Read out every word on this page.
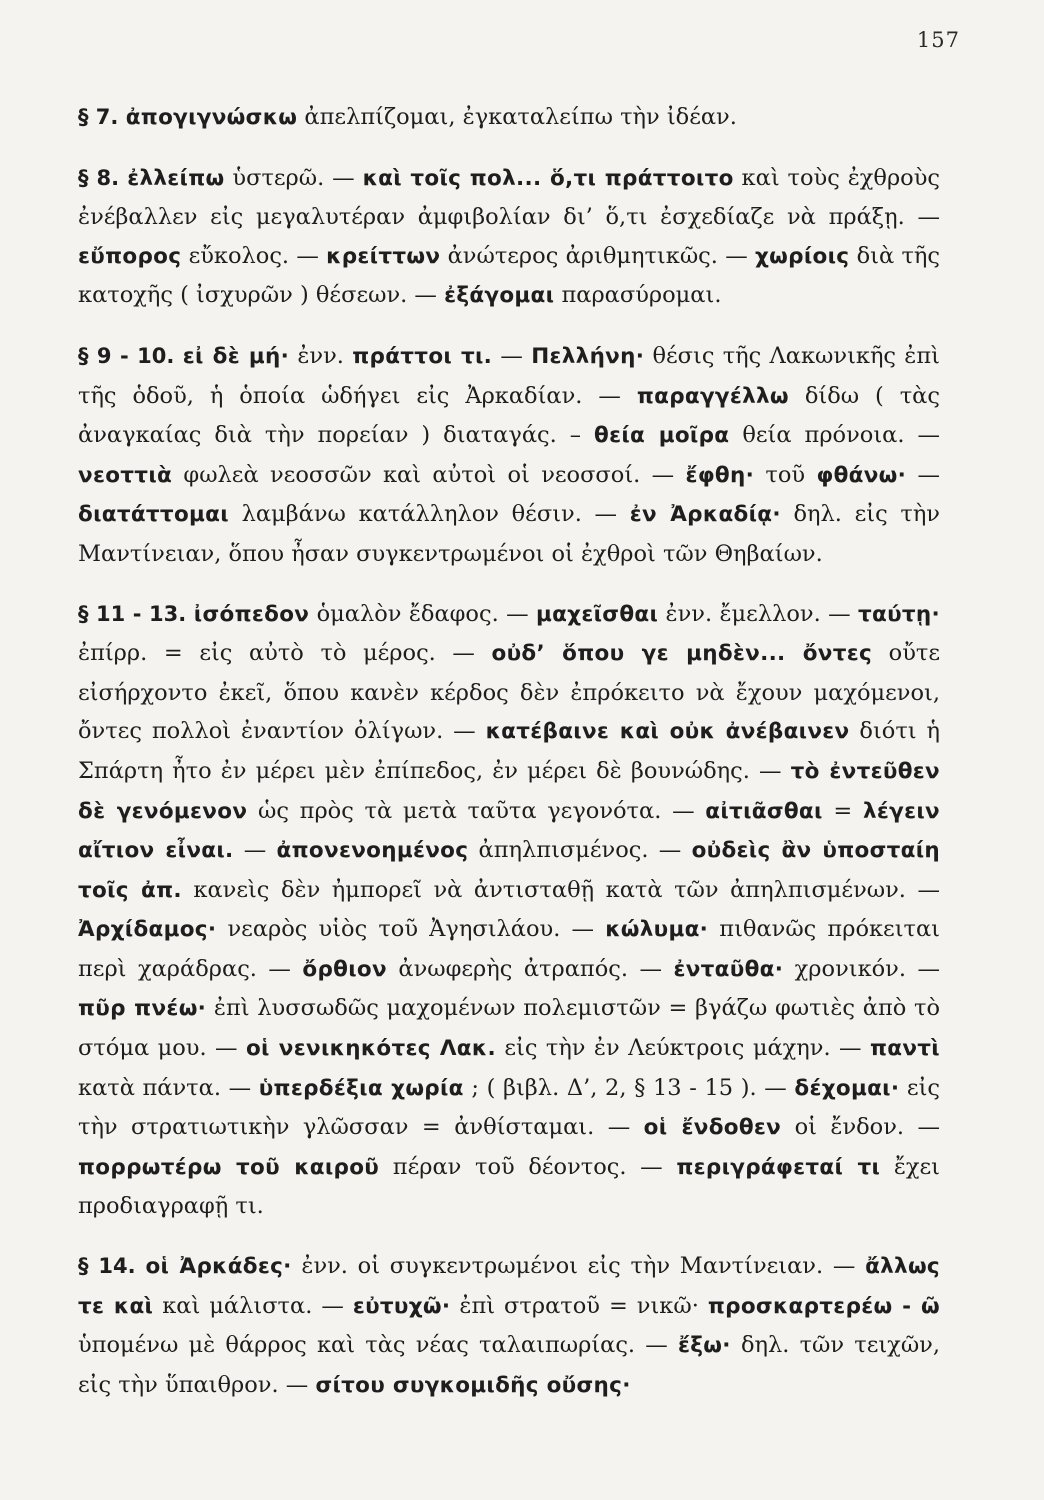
157

§ 7. ἀπογιγνώσκω ἀπελπίζομαι, ἐγκαταλείπω τὴν ἰδέαν.

§ 8. ἐλλείπω ὑστερῶ. — καὶ τοῖς πολ... ὅ,τι πράττοιτο καὶ τοὺς ἐχθροὺς ἐνέβαλλεν εἰς μεγαλυτέραν ἀμφιβολίαν δι’ ὅ,τι ἐσχεδίαζε νὰ πράξῃ. — εὔπορος εὔκολος. — κρείττων ἀνώτερος ἀριθμητικῶς. — χωρίοις διὰ τῆς κατοχῆς ( ἰσχυρῶν ) θέσεων. — ἐξάγομαι παρασύρομαι.

§ 9 - 10. εἰ δὲ μή· ἐνν. πράττοι τι. — Πελλήνη· θέσις τῆς Λακωνικῆς ἐπὶ τῆς ὁδοῦ, ἡ ὁποία ὡδήγει εἰς Ἀρκαδίαν. — παραγγέλλω δίδω ( τὰς ἀναγκαίας διὰ τὴν πορείαν ) διαταγάς. – θεία μοῖρα θεία πρόνοια. — νεοττιὰ φωλεὰ νεοσσῶν καὶ αὐτοὶ οἱ νεοσσοί. — ἔφθη· τοῦ φθάνω· — διατάττομαι λαμβάνω κατάλληλον θέσιν. — ἐν Ἀρκαδίᾳ· δηλ. εἰς τὴν Μαντίνειαν, ὅπου ἦσαν συγκεντρωμένοι οἱ ἐχθροὶ τῶν Θηβαίων.

§ 11 - 13. ἰσόπεδον ὁμαλὸν ἔδαφος. — μαχεῖσθαι ἐνν. ἔμελλον. — ταύτῃ· ἐπίρρ. = εἰς αὐτὸ τὸ μέρος. — οὐδ’ ὅπου γε μηδὲν... ὄντες οὔτε εἰσήρχοντο ἐκεῖ, ὅπου κανὲν κέρδος δὲν ἐπρόκειτο νὰ ἔχουν μαχόμενοι, ὄντες πολλοὶ ἐναντίον ὀλίγων. — κατέβαινε καὶ οὐκ ἀνέβαινεν διότι ἡ Σπάρτη ἦτο ἐν μέρει μὲν ἐπίπεδος, ἐν μέρει δὲ βουνώδης. — τὸ ἐντεῦθεν δὲ γενόμενον ὡς πρὸς τὰ μετὰ ταῦτα γεγονότα. — αἰτιᾶσθαι = λέγειν αἴτιον εἶναι. — ἀπονενοημένος ἀπηλπισμένος. — οὐδεὶς ἂν ὑποσταίη τοῖς ἀπ. κανεὶς δὲν ἠμπορεῖ νὰ ἀντισταθῇ κατὰ τῶν ἀπηλπισμένων. — Ἀρχίδαμος· νεαρὸς υἱὸς τοῦ Ἀγησιλάου. — κώλυμα· πιθανῶς πρόκειται περὶ χαράδρας. — ὄρθιον ἀνωφερὴς ἀτραπός. — ἐνταῦθα· χρονικόν. — πῦρ πνέω· ἐπὶ λυσσωδῶς μαχομένων πολεμιστῶν = βγάζω φωτιὲς ἀπὸ τὸ στόμα μου. — οἱ νενικηκότες Λακ. εἰς τὴν ἐν Λεύκτροις μάχην. — παντὶ κατὰ πάντα. — ὑπερδέξια χωρία ; ( βιβλ. Δ’, 2, § 13 - 15 ). — δέχομαι· εἰς τὴν στρατιωτικὴν γλῶσσαν = ἀνθίσταμαι. — οἱ ἔνδοθεν οἱ ἔνδον. — πορρωτέρω τοῦ καιροῦ πέραν τοῦ δέοντος. — περιγράφεταί τι ἔχει προδιαγραφῇ τι.

§ 14. οἱ Ἀρκάδες· ἐνν. οἱ συγκεντρωμένοι εἰς τὴν Μαντίνειαν. — ἄλλως τε καὶ καὶ μάλιστα. — εὐτυχῶ· ἐπὶ στρατοῦ = νικῶ· προσκαρτερέω - ῶ ὑπομένω μὲ θάρρος καὶ τὰς νέας ταλαιπωρίας. — ἔξω· δηλ. τῶν τειχῶν, εἰς τὴν ὕπαιθρον. — σίτου συγκομιδῆς οὔσης·
